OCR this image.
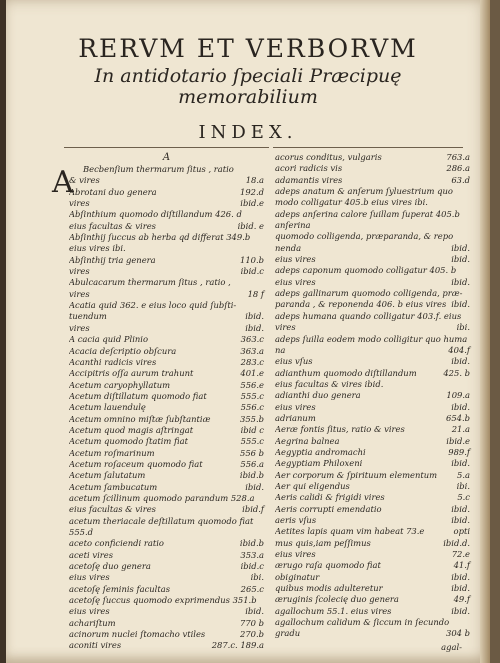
RERVM ET VERBORVM
In antidotario ſpeciali Præcipuę
memorabilium
INDEX.
A
A
Becbenſium thermarum ſitus , ratio
& vires	18.a
Abrotani duo genera	192.d
vires	ibid.e
Abſinthium quomodo diſtillandum 426. d
eius facultas & vires	ibid. e
Abſinthij ſuccus ab herba qd differat 349.b
eius vires ibi.
Abſinthij tria genera	110.b
vires	ibid.c
Abulcacarum thermarum ſitus , ratio ,
vires	18 f
Acatia quid 362. e eius loco quid ſubſti-
tuendum	ibid.
vires	ibid.
A cacia quid Plinio	363.c
Acacia deſcriptio obſcura	363.a
Acanthi radicis vires	283.c
Accipitris oſſa aurum trahunt	401.e
Acetum caryophyllatum	556.e
Acetum diſtillatum quomodo fiat	555.c
Acetum lauendulę	556.c
Acetum omnino miſtæ ſubſtantiæ	355.b
Acetum quod magis aſtringat	ibid c
Acetum quomodo ſtatim fiat	555.c
Acetum roſmarinum	556 b
Acetum roſaceum quomodo fiat	556.a
Acetum ſalutatum	ibid.b
Acetum ſambucatum	ibid.
acetum ſcillinum quomodo parandum 528.a
eius facultas & vires	ibid.f
acetum theriacale deſtillatum quomodo fiat
555.d
aceto conficiendi ratio	ibid.b
aceti vires	353.a
acetoſę duo genera	ibid.c
eius vires	ibi.
acetoſę ſeminis facultas	265.c
acetoſę ſuccus quomodo exprimendus 351.b
eius vires	ibid.
achariſtum	770 b
acinorum nuclei ſtomacho vtiles	270.b
aconiti vires	287.c. 189.a
acorus conditus, vulgaris	763.a
acori radicis vis	286.a
adamantis vires	63.d
adeps anatum & anſerum ſyluestrium quo
modo colligatur 405.b eius vires ibi.
adeps anſerina calore ſuillam ſuperat 405.b
anſerina
quomodo colligenda, præparanda, & repo
nenda	ibid.
eius vires	ibid.
adeps caponum quomodo colligatur 405. b
eius vires	ibid.
adeps gallinarum quomodo colligenda, præ-
paranda , & reponenda 406. b eius vires ibid.
adeps humana quando colligatur 403.f. eius
vires	ibi.
adeps ſuilla eodem modo colligitur quo huma
na	404.f
eius vſus	ibid.
adianthum quomodo diſtillandum	425. b
eius facultas & vires ibid.
adianthi duo genera	109.a
eius vires	ibid.
adrianum	654.b
Aeræ fontis ſitus, ratio & vires	21.a
Aegrina balnea	ibid.e
Aegyptia andromachi	989.f
Aegyptiam Philoxeni	ibid.
Aer corporum & ſpirituum elementum	5.a
Aer qui eligendus	ibi.
Aeris calidi & frigidi vires	5.c
Aeris corrupti emendatio	ibid.
aeris vſus	ibid.
Aetites lapis quam vim habeat 73.e	opti
mus quis,iam peſſimus	ibid.d.
eius vires	72.e
ærugo raſa quomodo fiat	41.f
obiginatur	ibid.
quibus modis adulteretur	ibid.
æruginis ſcolecię duo genera	49.f
agallochum 55.1. eius vires	ibid.
agallochum calidum & ſiccum in ſecundo
gradu	304 b
agal-
